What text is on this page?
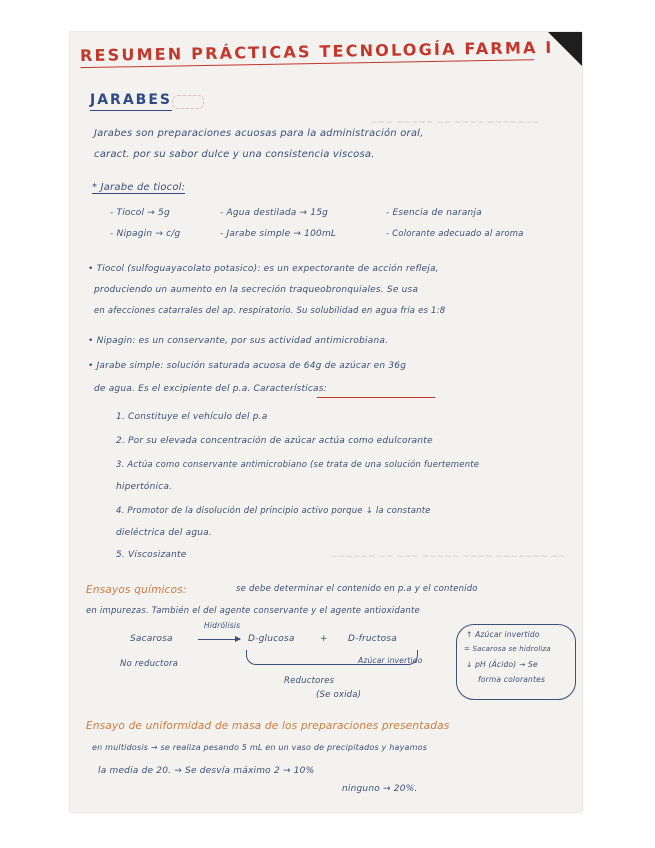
~~~ ~~~~~ ~~ ~~~~ ~~~~~~~
~~~~~~ ~~ ~~~ ~~~~~ ~~~~ ~~~~~~~ ~~
RESUMEN PRÁCTICAS TECNOLOGÍA FARMA I
JARABES
Jarabes son preparaciones acuosas para la administración oral,
caract. por su sabor dulce y una consistencia viscosa.
* Jarabe de tiocol:
- Tiocol → 5g
- Nipagin → c/g
- Agua destilada → 15g
- Jarabe simple → 100mL
- Esencia de naranja
- Colorante adecuado al aroma
• Tiocol (sulfoguayacolato potasico): es un expectorante de acción refleja,
produciendo un aumento en la secreción traqueobronquiales. Se usa
en afecciones catarrales del ap. respiratorio. Su solubilidad en agua fría es 1:8
• Nipagin: es un conservante, por sus actividad antimicrobiana.
• Jarabe simple: solución saturada acuosa de 64g de azúcar en 36g
de agua. Es el excipiente del p.a. Características:
1. Constituye el vehículo del p.a
2. Por su elevada concentración de azúcar actúa como edulcorante
3. Actúa como conservante antimicrobiano (se trata de una solución fuertemente
hipertónica.
4. Promotor de la disolución del principio activo porque ↓ la constante
dieléctrica del agua.
5. Viscosizante
Ensayos químicos:	se debe determinar el contenido en p.a y el contenido
en impurezas. También el del agente conservante y el agente antioxidante
Sacarosa
No reductora
Hidrólisis
→ D-glucosa	+ D-fructosa
Azúcar invertido
Reductores
(Se oxida)
↑ Azúcar invertido
= Sacarosa se hidroliza
↓ pH (Ácido) → Se
forma colorantes
Ensayo de uniformidad de masa de los preparaciones presentadas
en multidosis → se realiza pesando 5 mL en un vaso de precipitados y hayamos
la media de 20. → Se desvía máximo 2 → 10%
ninguno → 20%.
